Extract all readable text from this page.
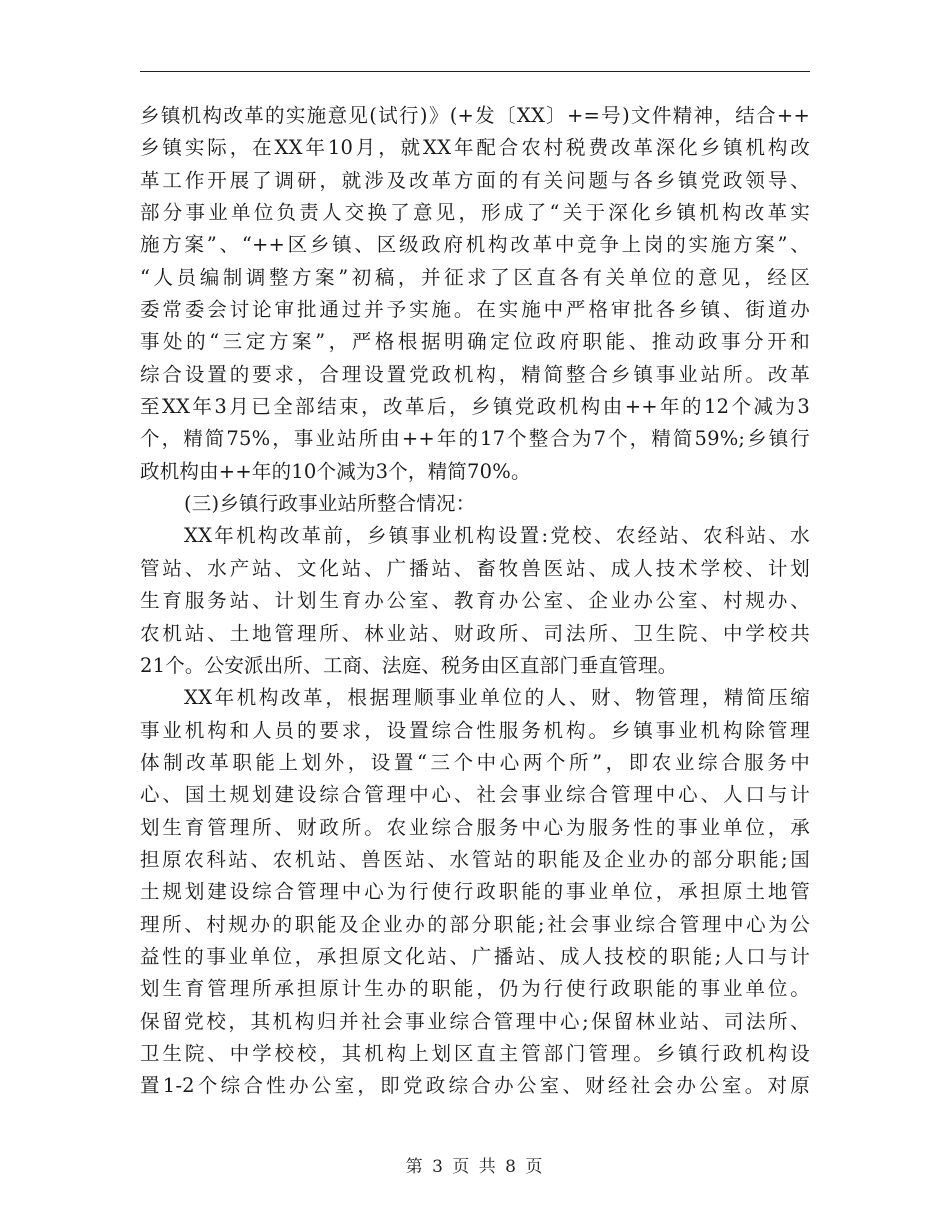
乡镇机构改革的实施意见(试行)》(+发〔XX〕+=号)文件精神，结合++
乡镇实际，在XX年10月，就XX年配合农村税费改革深化乡镇机构改
革工作开展了调研，就涉及改革方面的有关问题与各乡镇党政领导、
部分事业单位负责人交换了意见，形成了“关于深化乡镇机构改革实
施方案”、“++区乡镇、区级政府机构改革中竞争上岗的实施方案”、
“人员编制调整方案”初稿，并征求了区直各有关单位的意见，经区
委常委会讨论审批通过并予实施。在实施中严格审批各乡镇、街道办
事处的“三定方案”，严格根据明确定位政府职能、推动政事分开和
综合设置的要求，合理设置党政机构，精简整合乡镇事业站所。改革
至XX年3月已全部结束，改革后，乡镇党政机构由++年的12个减为3
个，精简75%，事业站所由++年的17个整合为7个，精简59%;乡镇行
政机构由++年的10个减为3个，精简70%。
(三)乡镇行政事业站所整合情况：
XX年机构改革前，乡镇事业机构设置:党校、农经站、农科站、水
管站、水产站、文化站、广播站、畜牧兽医站、成人技术学校、计划
生育服务站、计划生育办公室、教育办公室、企业办公室、村规办、
农机站、土地管理所、林业站、财政所、司法所、卫生院、中学校共
21个。公安派出所、工商、法庭、税务由区直部门垂直管理。
XX年机构改革，根据理顺事业单位的人、财、物管理，精简压缩
事业机构和人员的要求，设置综合性服务机构。乡镇事业机构除管理
体制改革职能上划外，设置“三个中心两个所”，即农业综合服务中
心、国土规划建设综合管理中心、社会事业综合管理中心、人口与计
划生育管理所、财政所。农业综合服务中心为服务性的事业单位，承
担原农科站、农机站、兽医站、水管站的职能及企业办的部分职能;国
土规划建设综合管理中心为行使行政职能的事业单位，承担原土地管
理所、村规办的职能及企业办的部分职能;社会事业综合管理中心为公
益性的事业单位，承担原文化站、广播站、成人技校的职能;人口与计
划生育管理所承担原计生办的职能，仍为行使行政职能的事业单位。
保留党校，其机构归并社会事业综合管理中心;保留林业站、司法所、
卫生院、中学校校，其机构上划区直主管部门管理。乡镇行政机构设
置1-2个综合性办公室，即党政综合办公室、财经社会办公室。对原
第 3 页 共 8 页
